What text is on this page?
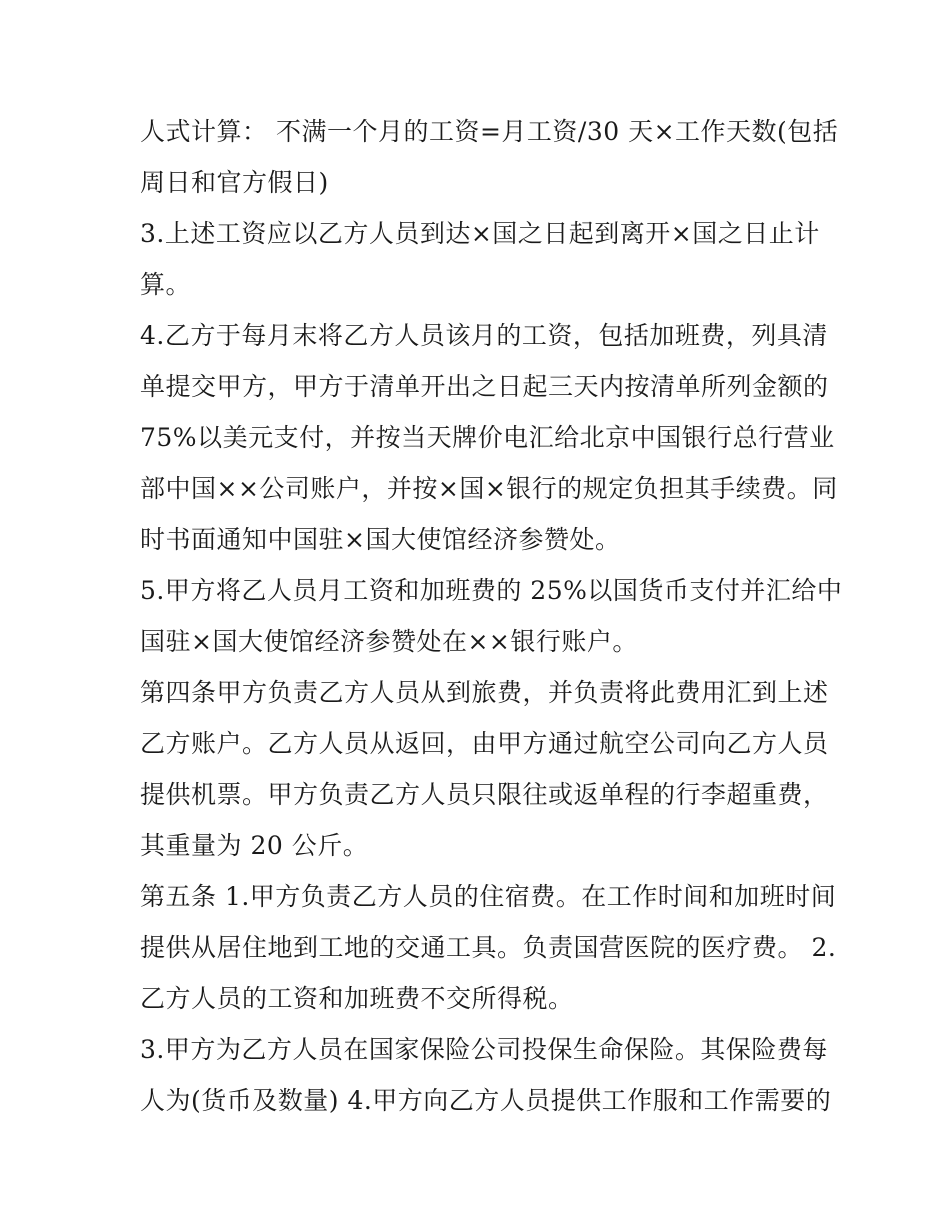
人式计算： 不满一个月的工资=月工资/30 天×工作天数(包括
周日和官方假日)
3.上述工资应以乙方人员到达×国之日起到离开×国之日止计
算。
4.乙方于每月末将乙方人员该月的工资，包括加班费，列具清
单提交甲方，甲方于清单开出之日起三天内按清单所列金额的
75%以美元支付，并按当天牌价电汇给北京中国银行总行营业
部中国××公司账户，并按×国×银行的规定负担其手续费。同
时书面通知中国驻×国大使馆经济参赞处。
5.甲方将乙人员月工资和加班费的 25%以国货币支付并汇给中
国驻×国大使馆经济参赞处在××银行账户。
第四条甲方负责乙方人员从到旅费，并负责将此费用汇到上述
乙方账户。乙方人员从返回，由甲方通过航空公司向乙方人员
提供机票。甲方负责乙方人员只限往或返单程的行李超重费，
其重量为 20 公斤。
第五条 1.甲方负责乙方人员的住宿费。在工作时间和加班时间
提供从居住地到工地的交通工具。负责国营医院的医疗费。 2.
乙方人员的工资和加班费不交所得税。
3.甲方为乙方人员在国家保险公司投保生命保险。其保险费每
人为(货币及数量) 4.甲方向乙方人员提供工作服和工作需要的
